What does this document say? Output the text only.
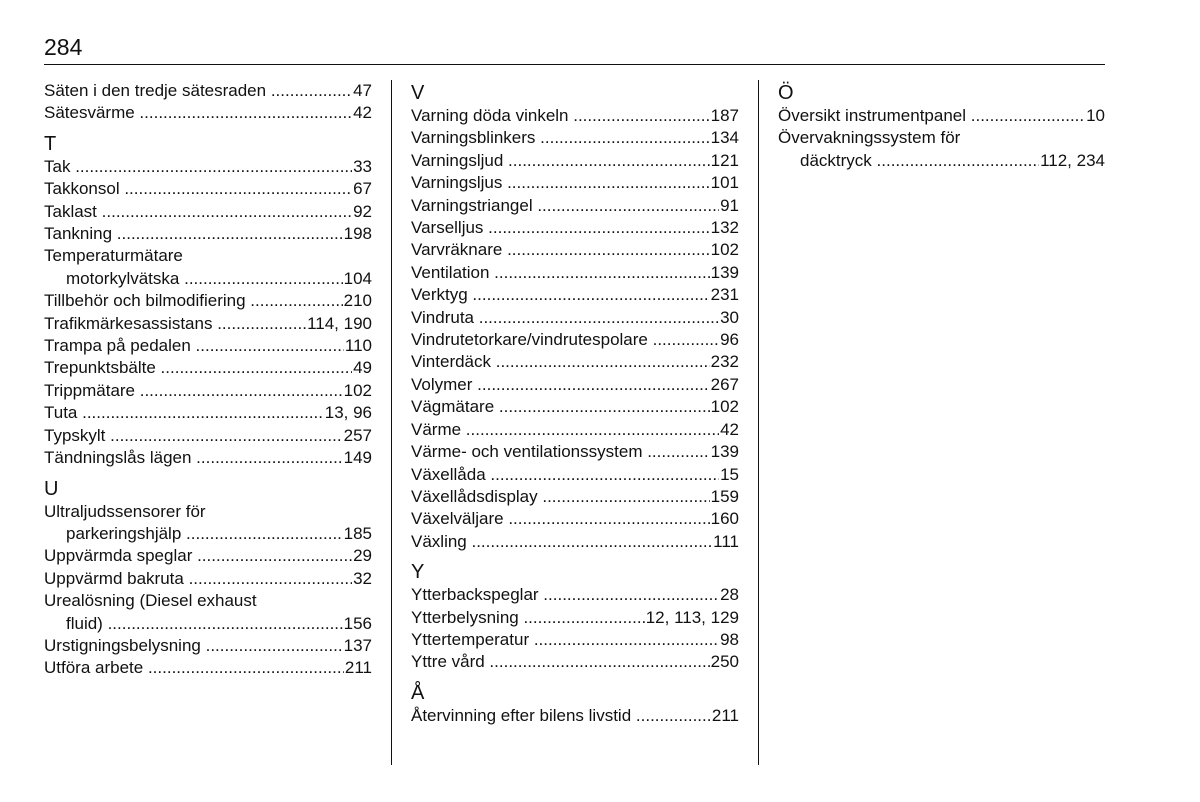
284
Säten i den tredje sätesraden .....	47
Sätesvärme .....	42
T
Tak .....	33
Takkonsol .....	67
Taklast .....	92
Tankning .....	198
Temperaturmätare
motorkylvätska .....	104
Tillbehör och bilmodifiering .....	210
Trafikmärkesassistans .....	114, 190
Trampa på pedalen .....	110
Trepunktsbälte .....	49
Trippmätare .....	102
Tuta .....	13, 96
Typskylt .....	257
Tändningslås lägen .....	149
U
Ultraljudssensorer för
parkeringshjälp .....	185
Uppvärmda speglar .....	29
Uppvärmd bakruta .....	32
Urealösning (Diesel exhaust
fluid) .....	156
Urstigningsbelysning .....	137
Utföra arbete .....	211
V
Varning döda vinkeln .....	187
Varningsblinkers .....	134
Varningsljud .....	121
Varningsljus .....	101
Varningstriangel .....	91
Varselljus .....	132
Varvräknare .....	102
Ventilation .....	139
Verktyg .....	231
Vindruta .....	30
Vindrutetorkare/vindrutespolare .....	96
Vinterdäck .....	232
Volymer .....	267
Vägmätare .....	102
Värme .....	42
Värme- och ventilationssystem .....	139
Växellåda .....	15
Växellådsdisplay .....	159
Växelväljare .....	160
Växling .....	111
Y
Ytterbackspeglar .....	28
Ytterbelysning .....	12, 113, 129
Yttertemperatur .....	98
Yttre vård .....	250
Å
Återvinning efter bilens livstid .....	211
Ö
Översikt instrumentpanel .....	10
Övervakningssystem för
däcktryck .....	112, 234
